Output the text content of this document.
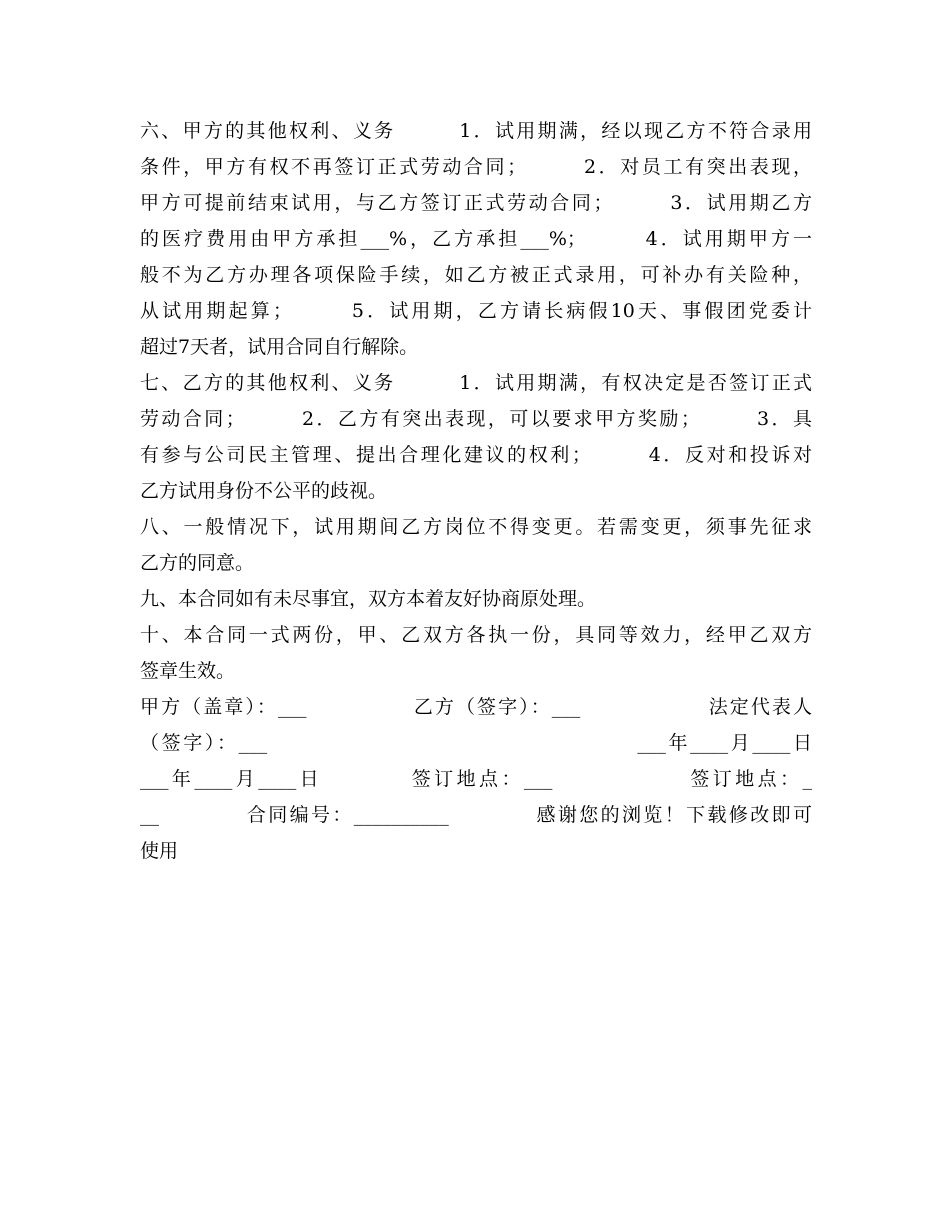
六、甲方的其他权利、义务　　　1．试用期满，经以现乙方不符合录用
条件，甲方有权不再签订正式劳动合同；　　　2．对员工有突出表现，
甲方可提前结束试用，与乙方签订正式劳动合同；　　　3．试用期乙方
的医疗费用由甲方承担___%，乙方承担___%；　　　4．试用期甲方一
般不为乙方办理各项保险手续，如乙方被正式录用，可补办有关险种，
从试用期起算；　　　5．试用期，乙方请长病假10天、事假团党委计
超过7天者，试用合同自行解除。
七、乙方的其他权利、义务　　　1．试用期满，有权决定是否签订正式
劳动合同；　　　2．乙方有突出表现，可以要求甲方奖励；　　　3．具
有参与公司民主管理、提出合理化建议的权利；　　　4．反对和投诉对
乙方试用身份不公平的歧视。
八、一般情况下，试用期间乙方岗位不得变更。若需变更，须事先征求
乙方的同意。
九、本合同如有未尽事宜，双方本着友好协商原处理。
十、本合同一式两份，甲、乙双方各执一份，具同等效力，经甲乙双方
签章生效。
甲方（盖章）：___　　　　　乙方（签字）：___　　　　　　法定代表人
（签字）：___　　　　　　　　　　　　　　　　　___年____月____日
___年____月____日　　　　签订地点：___　　　　　　签订地点：_
__　　　　合同编号：__________　　　　感谢您的浏览！下载修改即可
使用
